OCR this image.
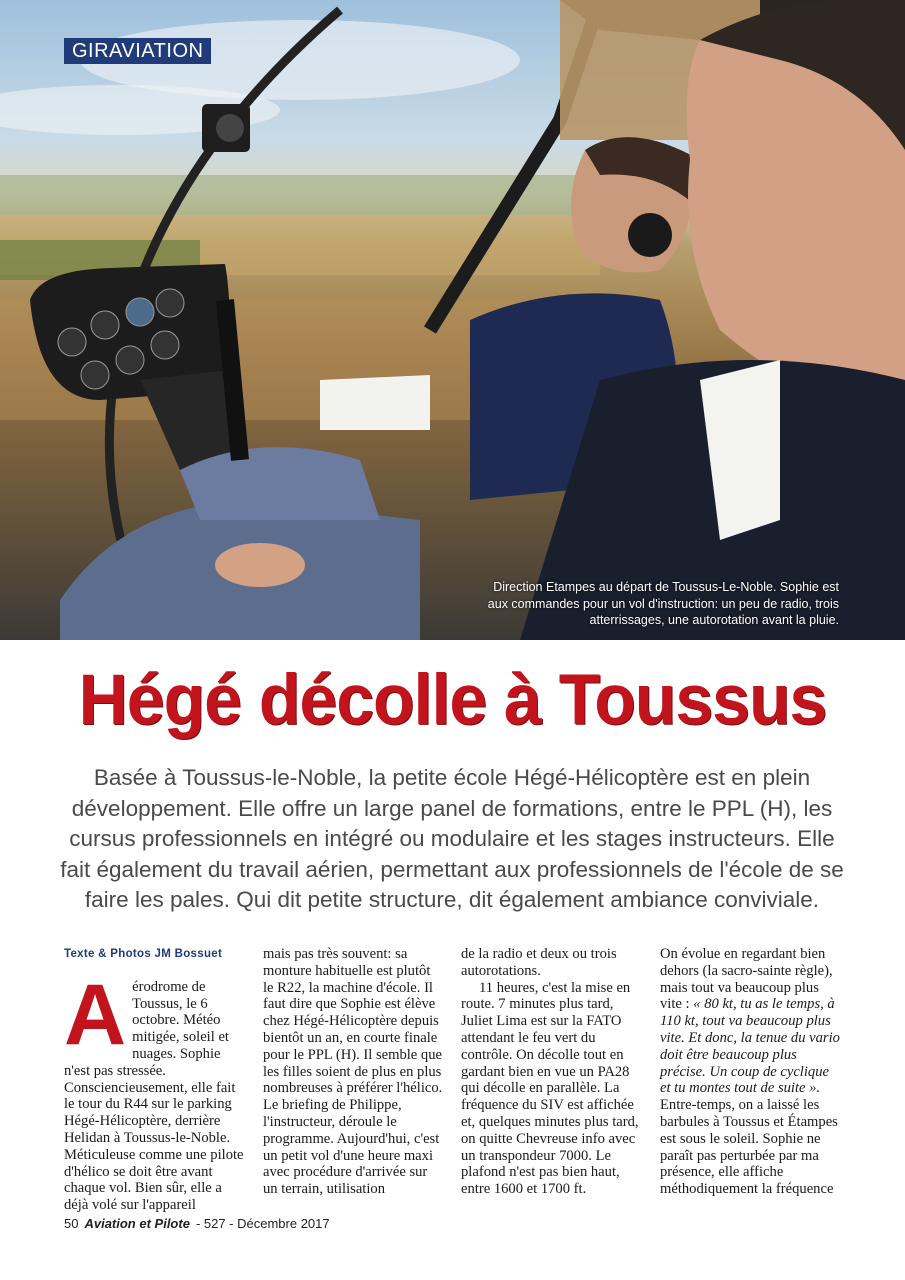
GIRAVIATION
Direction Etampes au départ de Toussus-Le-Noble. Sophie est aux commandes pour un vol d'instruction: un peu de radio, trois atterrissages, une autorotation avant la pluie.
Hégé décolle à Toussus
Basée à Toussus-le-Noble, la petite école Hégé-Hélicoptère est en plein développement. Elle offre un large panel de formations, entre le PPL (H), les cursus professionnels en intégré ou modulaire et les stages instructeurs. Elle fait également du travail aérien, permettant aux professionnels de l'école de se faire les pales. Qui dit petite structure, dit également ambiance conviviale.
Texte & Photos JM Bossuet
A érodrome de Toussus, le 6 octobre. Météo mitigée, soleil et nuages. Sophie n'est pas stressée. Consciencieusement, elle fait le tour du R44 sur le parking Hégé-Hélicoptère, derrière Helidan à Toussus-le-Noble. Méticuleuse comme une pilote d'hélico se doit être avant chaque vol. Bien sûr, elle a déjà volé sur l'appareil

mais pas très souvent: sa monture habituelle est plutôt le R22, la machine d'école. Il faut dire que Sophie est élève chez Hégé-Hélicoptère depuis bientôt un an, en courte finale pour le PPL (H). Il semble que les filles soient de plus en plus nombreuses à préférer l'hélico. Le briefing de Philippe, l'instructeur, déroule le programme. Aujourd'hui, c'est un petit vol d'une heure maxi avec procédure d'arrivée sur un terrain, utilisation

de la radio et deux ou trois autorotations.

11 heures, c'est la mise en route. 7 minutes plus tard, Juliet Lima est sur la FATO attendant le feu vert du contrôle. On décolle tout en gardant bien en vue un PA28 qui décolle en parallèle. La fréquence du SIV est affichée et, quelques minutes plus tard, on quitte Chevreuse info avec un transpondeur 7000. Le plafond n'est pas bien haut, entre 1600 et 1700 ft.

On évolue en regardant bien dehors (la sacro-sainte règle), mais tout va beaucoup plus vite : « 80 kt, tu as le temps, à 110 kt, tout va beaucoup plus vite. Et donc, la tenue du vario doit être beaucoup plus précise. Un coup de cyclique et tu montes tout de suite ». Entre-temps, on a laissé les barbules à Toussus et Étampes est sous le soleil. Sophie ne paraît pas perturbée par ma présence, elle affiche méthodiquement la fréquence

50 Aviation et Pilote - 527 - Décembre 2017
